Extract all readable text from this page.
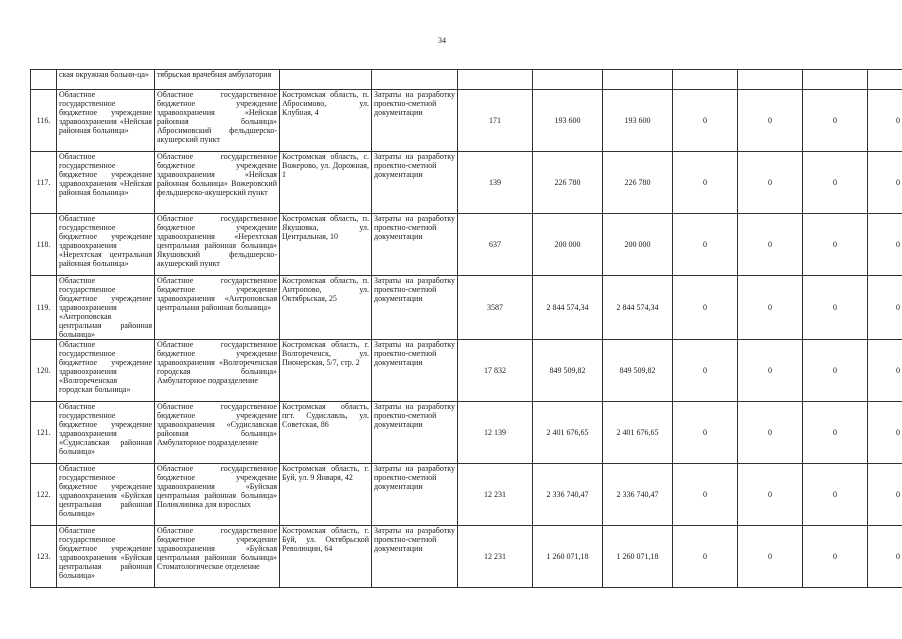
34
	ская окружная больни-ца»	тябрьская врачебная амбулатория									
116.	Областное государственное бюджетное учреждение здравоохранения «Нейская районная больница»	Областное государственное бюджетное учреждение здравоохранения «Нейская районная больница» Абросимовский фельдшерско-акушерский пункт	Костромская область, п. Абросимово, ул. Клубная, 4	Затраты на разработку проектно-сметной документации	171	193 600	193 600	0	0	0	0
117.	Областное государственное бюджетное учреждение здравоохранения «Нейская районная больница»	Областное государственное бюджетное учреждение здравоохранения «Нейская районная больница» Вожеровский фельдшерско-акушерский пункт	Костромская область, с. Вожерово, ул. Дорожная, 1	Затраты на разработку проектно-сметной документации	139	226 780	226 780	0	0	0	0
118.	Областное государственное бюджетное учреждение здравоохранения «Нерехтская центральная районная больница»	Областное государственное бюджетное учреждение здравоохранения «Нерехтская центральная районная больница» Якушовский фельдшерско-акушерский пункт	Костромская область, п. Якушовка, ул. Центральная, 10	Затраты на разработку проектно-сметной документации	637	200 000	200 000	0	0	0	0
119.	Областное государственное бюджетное учреждение здравоохранения «Антроповская центральная районная больница»	Областное государственное бюджетное учреждение здравоохранения «Антроповская центральная районная больница»	Костромская область, п. Антропово, ул. Октябрьская, 25	Затраты на разработку проектно-сметной документации	3587	2 844 574,34	2 844 574,34	0	0	0	0
120.	Областное государственное бюджетное учреждение здравоохранения «Волгореченская городская больница»	Областное государственное бюджетное учреждение здравоохранения «Волгореченская городская больница» Амбулаторное подразделение	Костромская область, г. Волгореченск, ул. Пионерская, 5/7, стр. 2	Затраты на разработку проектно-сметной документации	17 832	849 509,82	849 509,82	0	0	0	0
121.	Областное государственное бюджетное учреждение здравоохранения «Судиславская районная больница»	Областное государственное бюджетное учреждение здравоохранения «Судиславская районная больница» Амбулаторное подразделение	Костромская область, пгт. Судиславль, ул. Советская, 86	Затраты на разработку проектно-сметной документации	12 139	2 401 676,65	2 401 676,65	0	0	0	0
122.	Областное государственное бюджетное учреждение здравоохранения «Буйская центральная районная больница»	Областное государственное бюджетное учреждение здравоохранения «Буйская центральная районная больница» Поликлиника для взрослых	Костромская область, г. Буй, ул. 9 Января, 42	Затраты на разработку проектно-сметной документации	12 231	2 336 740,47	2 336 740,47	0	0	0	0
123.	Областное государственное бюджетное учреждение здравоохранения «Буйская центральная районная больница»	Областное государственное бюджетное учреждение здравоохранения «Буйская центральная районная больница» Стоматологическое отделение	Костромская область, г. Буй, ул. Октябрьской Революции, 64	Затраты на разработку проектно-сметной документации	12 231	1 260 071,18	1 260 071,18	0	0	0	0
